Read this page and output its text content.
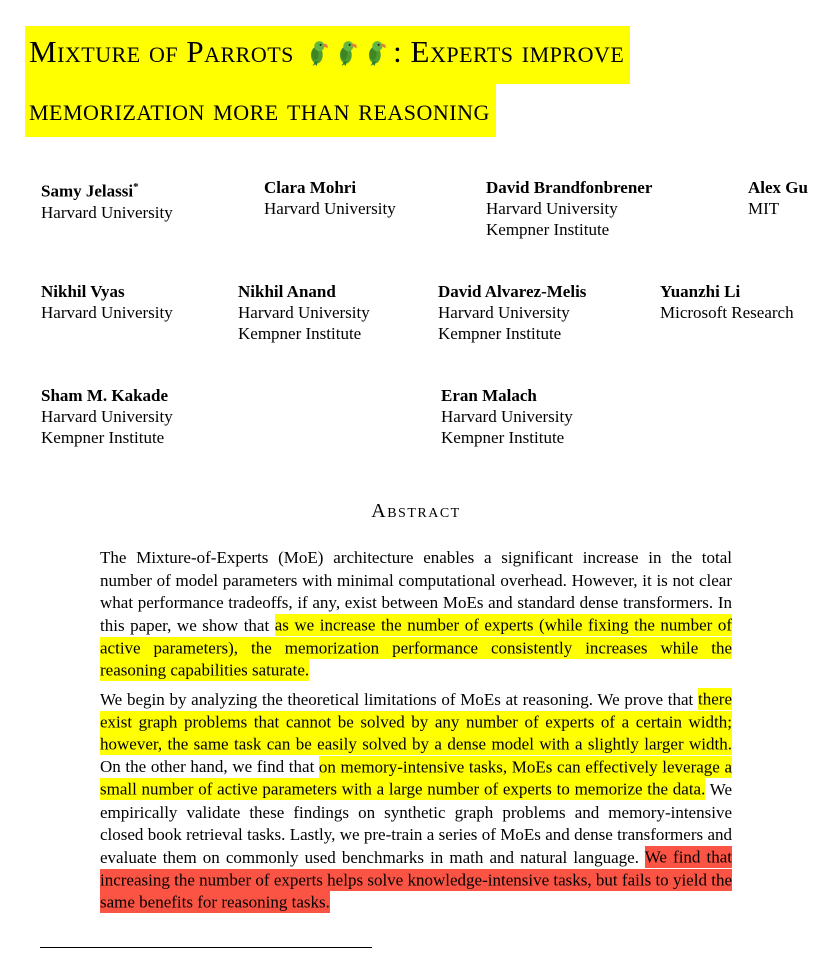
Mixture of Parrots	: Experts improve
memorization more than reasoning
Samy Jelassi*
Harvard University
Clara Mohri
Harvard University
David Brandfonbrener
Harvard University
Kempner Institute
Alex Gu
MIT
Nikhil Vyas
Harvard University
Nikhil Anand
Harvard University
Kempner Institute
David Alvarez-Melis
Harvard University
Kempner Institute
Yuanzhi Li
Microsoft Research
Sham M. Kakade
Harvard University
Kempner Institute
Eran Malach
Harvard University
Kempner Institute
Abstract

The Mixture-of-Experts (MoE) architecture enables a significant increase in the total number of model parameters with minimal computational overhead. However, it is not clear what performance tradeoffs, if any, exist between MoEs and standard dense transformers. In this paper, we show that as we increase the number of experts (while fixing the number of active parameters), the memorization performance consistently increases while the reasoning capabilities saturate.

We begin by analyzing the theoretical limitations of MoEs at reasoning. We prove that there exist graph problems that cannot be solved by any number of experts of a certain width; however, the same task can be easily solved by a dense model with a slightly larger width. On the other hand, we find that on memory-intensive tasks, MoEs can effectively leverage a small number of active parameters with a large number of experts to memorize the data. We empirically validate these findings on synthetic graph problems and memory-intensive closed book retrieval tasks. Lastly, we pre-train a series of MoEs and dense transformers and evaluate them on commonly used benchmarks in math and natural language. We find that increasing the number of experts helps solve knowledge-intensive tasks, but fails to yield the same benefits for reasoning tasks.
